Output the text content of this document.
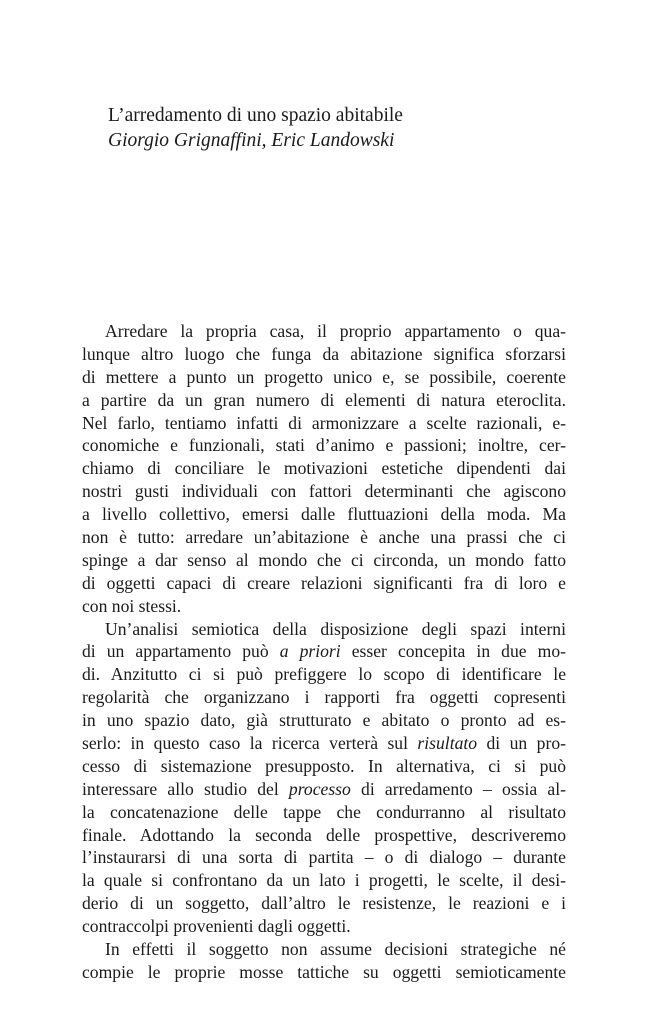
L’arredamento di uno spazio abitabile
Giorgio Grignaffini, Eric Landowski
Arredare la propria casa, il proprio appartamento o qua-
lunque altro luogo che funga da abitazione significa sforzarsi
di mettere a punto un progetto unico e, se possibile, coerente
a partire da un gran numero di elementi di natura eteroclita.
Nel farlo, tentiamo infatti di armonizzare a scelte razionali, e-
conomiche e funzionali, stati d’animo e passioni; inoltre, cer-
chiamo di conciliare le motivazioni estetiche dipendenti dai
nostri gusti individuali con fattori determinanti che agiscono
a livello collettivo, emersi dalle fluttuazioni della moda. Ma
non è tutto: arredare un’abitazione è anche una prassi che ci
spinge a dar senso al mondo che ci circonda, un mondo fatto
di oggetti capaci di creare relazioni significanti fra di loro e
con noi stessi.
Un’analisi semiotica della disposizione degli spazi interni
di un appartamento può a priori esser concepita in due mo-
di. Anzitutto ci si può prefiggere lo scopo di identificare le
regolarità che organizzano i rapporti fra oggetti copresenti
in uno spazio dato, già strutturato e abitato o pronto ad es-
serlo: in questo caso la ricerca verterà sul risultato di un pro-
cesso di sistemazione presupposto. In alternativa, ci si può
interessare allo studio del processo di arredamento – ossia al-
la concatenazione delle tappe che condurranno al risultato
finale. Adottando la seconda delle prospettive, descriveremo
l’instaurarsi di una sorta di partita – o di dialogo – durante
la quale si confrontano da un lato i progetti, le scelte, il desi-
derio di un soggetto, dall’altro le resistenze, le reazioni e i
contraccolpi provenienti dagli oggetti.
In effetti il soggetto non assume decisioni strategiche né
compie le proprie mosse tattiche su oggetti semioticamente
